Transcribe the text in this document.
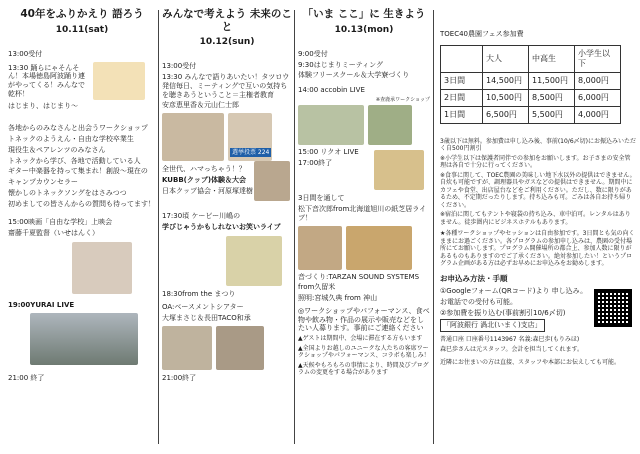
40年をふりかえり 語ろう
10.11(sat)
13:00受付
13:30 踊らにゃそんそん！本場徳島阿波踊り連がやってくる！みんなで乾杯！
はじまり、はじまり～
各地からのみなさんと出会うワークショップ
トネックのようえん・自由な学校卒業生
現役生＆ペアレンツのみなさん
トネックから学び、各地で活動している人
ギター中楽器を持って集まれ！創設～現在の
キャンプカウンセラー
懐かしのトネックソングをはさみつつ
初めましての皆さんからの質問も待ってます！
15:00映画「自由な学校」上映会
齋藤千夏監督（いせはんく）
19:00YURAI LIVE
21:00 終了
みんなで考えよう 未来のこと
10.12(sun)
13:00受付
13:30 みんなで語りあいたい！タツロウ発信毎日、ミーティングで互いの気持ちを聴きあうということ＝主権者教育
安彦恵里香＆元山仁士郎
選挙投票 224
全世代、ハマっちゃう！？
KUBB(クッブ)体験＆大会
日本クッブ協会・河原塚達樹
17:30頃 ケービー川嶋の
学びじゃうかもしれないお笑いライブ
18:30from the まつり
OA:ベースメントシアター
大塚まさじ＆長田TACO和承
21:00終了
「いま ここ」に 生きよう
10.13(mon)
9:00受付
9:30はじまりミーティング
体験フリースクール＆大学寮づくり
14:00 accobin LIVE
※查鹿承ワークショップ
15:00 リクオ LIVE
17:00終了
3日間を通して
松下音次郎from北海道旭川の紙芝居ライブ！
音づくり:TARZAN SOUND SYSTEMS
from久留米
照明:宮城久典 from 神山
◎ワークショップやパフォーマンス、食べ物や飲み物・作品の展示や販売などをしたい人募ります。事前にご連絡ください
▲ゲストは期間中、会場に滞在する方もいます
▲全国よりお越しのユニークな人たちの客席ワークショップやパフォーマンス、コラボも楽しみ！
▲天候やもろもろの事情により、時間及びプログラムの変更をする場合があります
TOEC40農園フェス参加費
	大人	中高生	小学生以下
3日間	14,500円	11,500円	8,000円
2日間	10,500円	8,500円	6,000円
1日間	6,500円	5,500円	4,000円
3歳以下は無料。参加費は申し込み後、事前(10/6〆切)にお振込みいただく自500円割引
※小学生以下は保護者同伴での参加をお願いします。お子さまの安全管理は各自で十分に行ってください。
※食事に関して、TOEC農園の美味しい地下水以外の提供はできません。自炊も可能ですが、調理器具やガスなどの提供はできません。期間中にカフェや食堂、出店屋台などをご利用ください。ただし、数に限りがあるため、不定期だったりします。持ち込みも可。ごみは各自お持ち帰りください。
※宿泊に関してもテントや寝袋の持ち込み、車中泊可。レンタルはありません。徒歩圏内にビジネスホテルもあります。
★各種ワークショップやセッションは自由参加です。3日間とも気の向くままにお過ごください。各プログラムの参加申し込みは、農園の受付場所にてお願いします。プログラム開催場所の都合上、参加人数に限りがあるものもありますのでご了承ください。絶対参加したい！というプログラム企画がある方は必ずお早めにお申込みをお勧めします。
お申込み方法・手順
①Googleフォーム(QRコード)より 申し込み。
お電話での受付も可能。
②参加費を振り込む(事前割引10/6〆切)
「阿波銀行 渦北(いまく)支店」
普通口座 口座番号1143967 名義:森巳歩(もりみほ)
森巳歩さんは元スタッフ。会計を担当してくれます。
近隣にお住まいの方は直接、スタッフや本部にお伝えしても可能。
